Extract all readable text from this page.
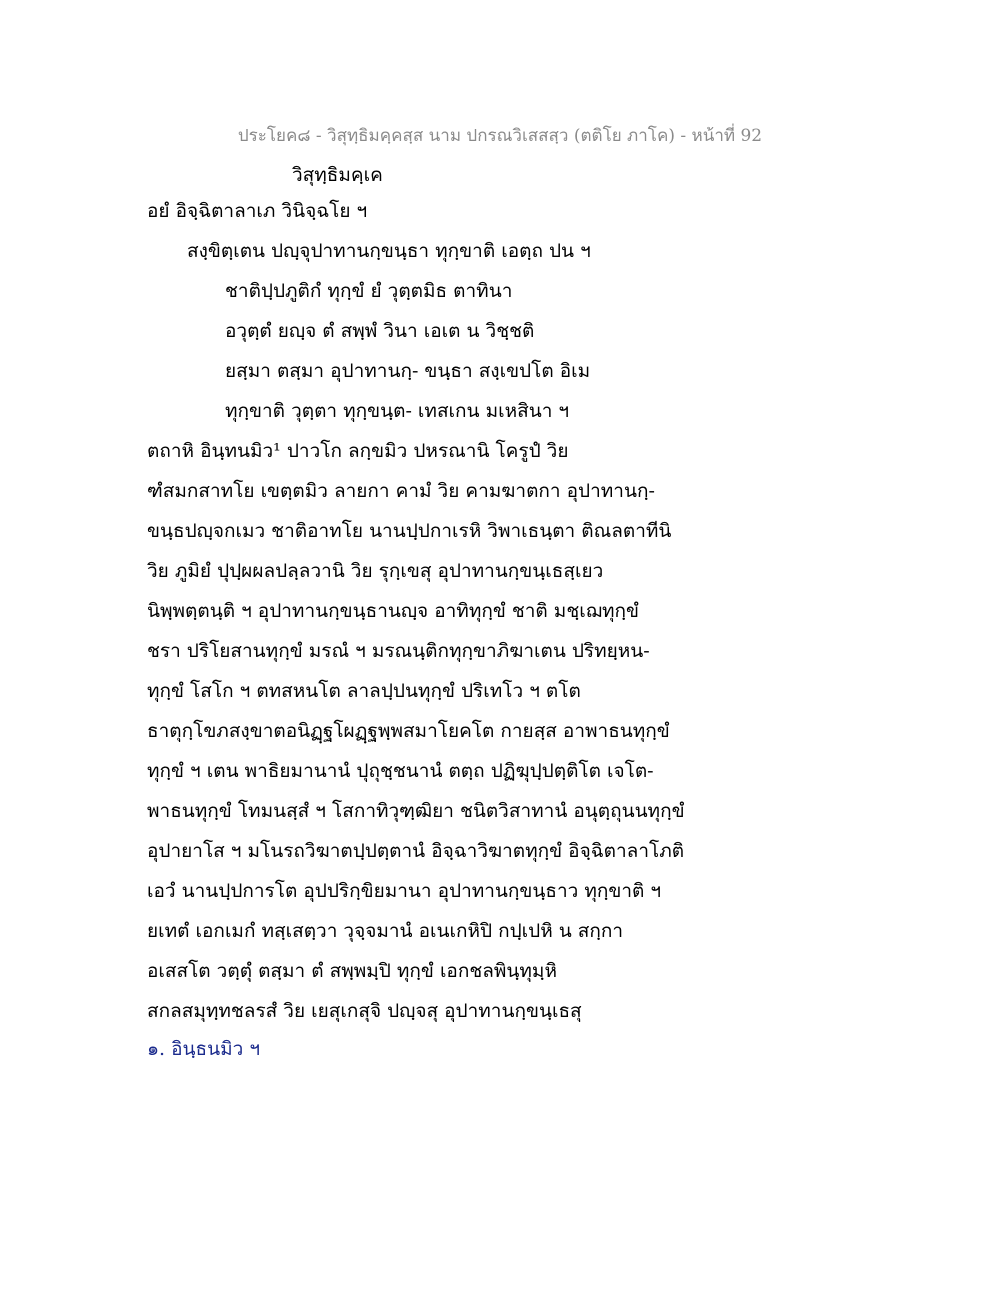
ประโยค๘ - วิสุทฺธิมคฺคสฺส นาม ปกรณวิเสสสฺว (ตติโย ภาโค) - หน้าที่ 92
วิสุทฺธิมคฺเค
อยํ อิจฺฉิตาลาเภ วินิจฺฉโย ฯ
สงฺขิตฺเตน ปญฺจุปาทานกฺขนฺธา ทุกฺขาติ เอตฺถ ปน ฯ
ชาติปฺปภูติกํ ทุกฺขํ ยํ วุตฺตมิธ ตาทินา
อวุตฺตํ ยญฺจ ตํ สพฺพํ วินา เอเต น วิชฺชติ
ยสฺมา ตสฺมา อุปาทานกฺ- ขนฺธา สงฺเขปโต อิเม
ทุกฺขาติ วุตฺตา ทุกฺขนฺต- เทสเกน มเหสินา ฯ
ตถาหิ อินฺทนมิว¹ ปาวโก ลกฺขมิว ปหรณานิ โครูปํ วิย
ฑํสมกสาทโย เขตฺตมิว ลายกา คามํ วิย คามฆาตกา อุปาทานกฺ-
ขนฺธปญฺจกเมว ชาติอาทโย นานปฺปกาเรหิ วิพาเธนฺตา ติณลตาทีนิ
วิย ภูมิยํ ปุปฺผผลปลฺลวานิ วิย รุกฺเขสุ อุปาทานกฺขนฺเธสฺเยว
นิพฺพตฺตนฺติ ฯ อุปาทานกฺขนฺธานญฺจ อาทิทุกฺขํ ชาติ มชฺเฌทุกฺขํ
ชรา ปริโยสานทุกฺขํ มรณํ ฯ มรณนฺติกทุกฺขาภิฆาเตน ปริทยฺหน-
ทุกฺขํ โสโก ฯ ตทสหนโต ลาลปฺปนทุกฺขํ ปริเทโว ฯ ตโต
ธาตุกฺโขภสงฺขาตอนิฏฺฐโผฏฺฐพฺพสมาโยคโต กายสฺส อาพาธนทุกฺขํ
ทุกฺขํ ฯ เตน พาธิยมานานํ ปุถุชฺชนานํ ตตฺถ ปฏิฆุปฺปตฺติโต เจโต-
พาธนทุกฺขํ โทมนสฺสํ ฯ โสกาทิวุฑฺฒิยา ชนิตวิสาทานํ อนุตฺถุนนทุกฺขํ
อุปายาโส ฯ มโนรถวิฆาตปฺปตฺตานํ อิจฺฉาวิฆาตทุกฺขํ อิจฺฉิตาลาโภติ
เอวํ นานปฺปการโต อุปปริกฺขิยมานา อุปาทานกฺขนฺธาว ทุกฺขาติ ฯ
ยเทตํ เอกเมกํ ทสฺเสตฺวา วุจฺจมานํ อเนเกหิปิ กปฺเปหิ น สกฺกา
อเสสโต วตฺตุํ ตสฺมา ตํ สพฺพมฺปิ ทุกฺขํ เอกชลพินฺทุมฺหิ
สกลสมุทฺทชลรสํ วิย เยสุเกสุจิ ปญฺจสุ อุปาทานกฺขนฺเธสุ
๑. อินฺธนมิว ฯ
